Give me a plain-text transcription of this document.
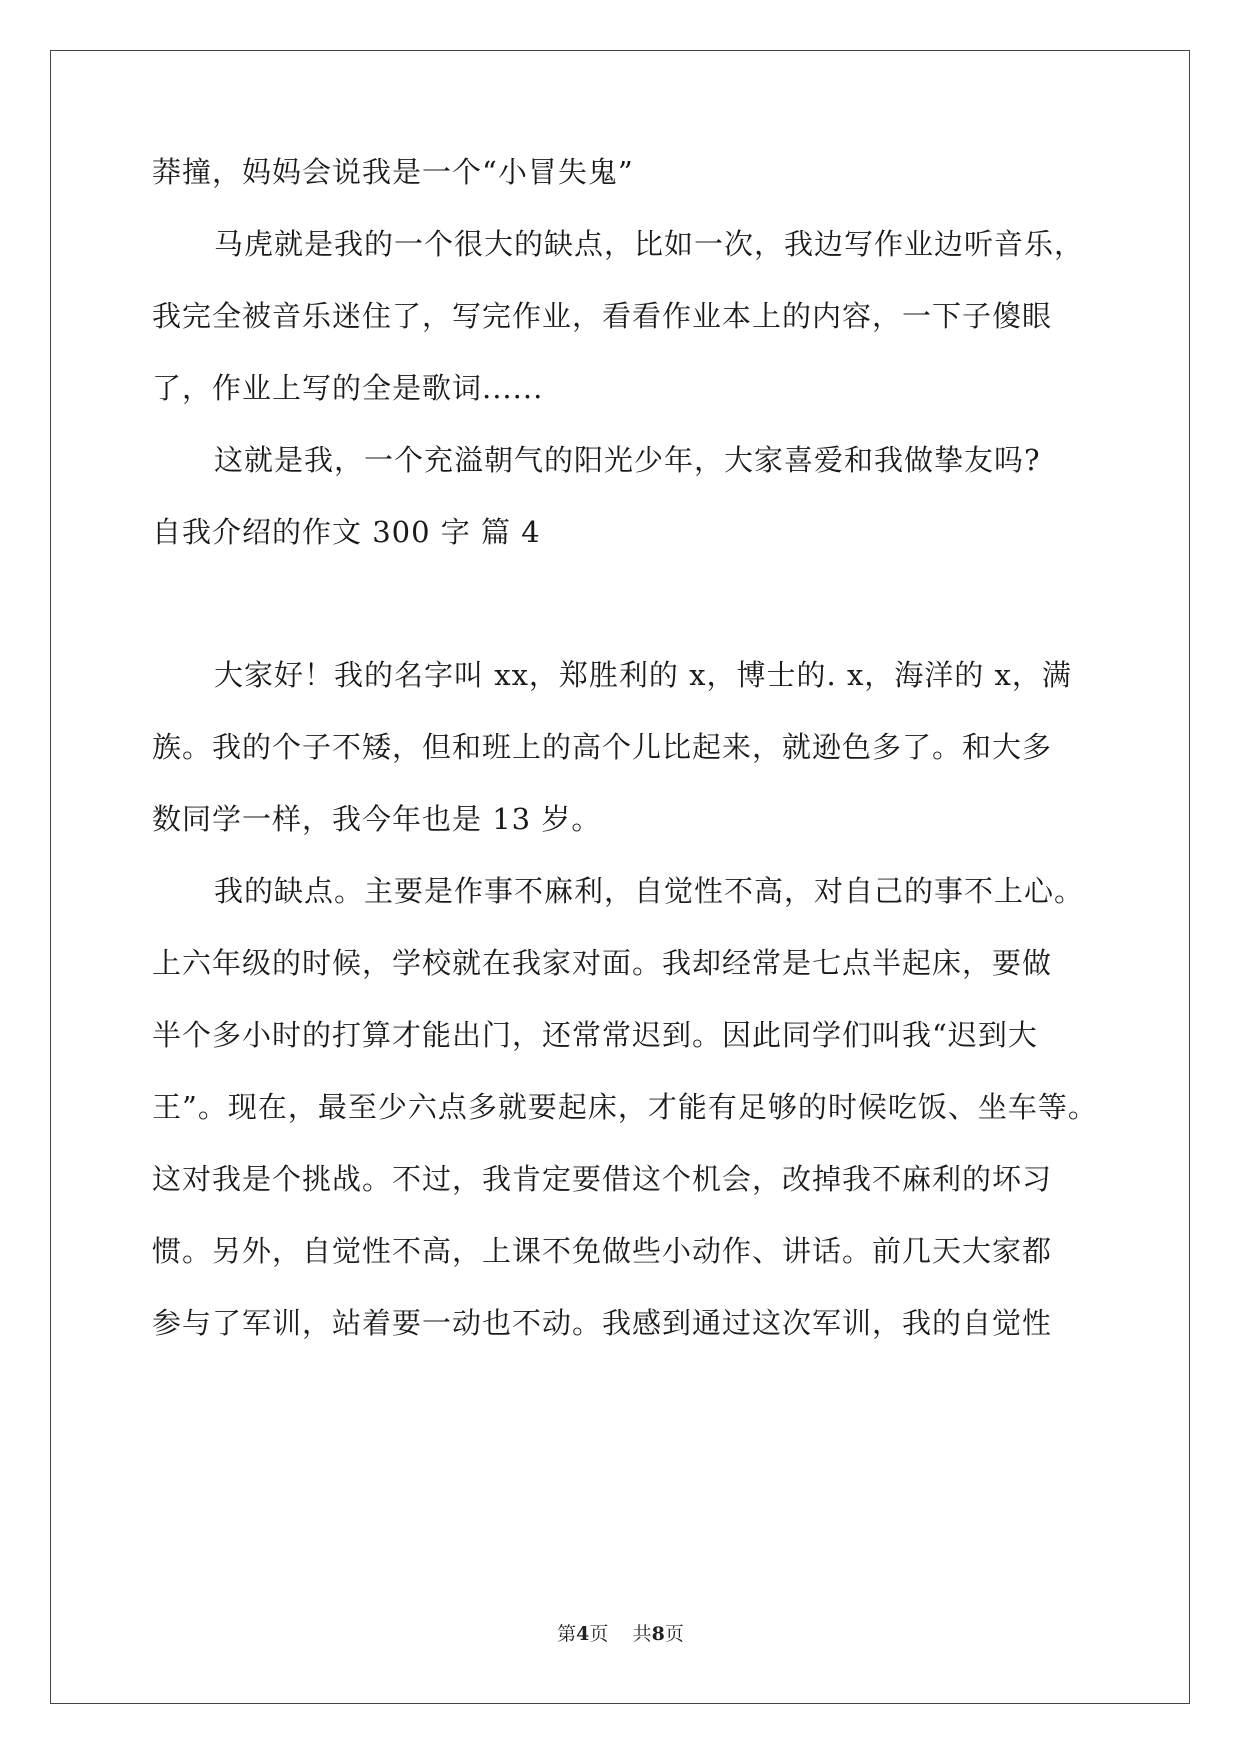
莽撞，妈妈会说我是一个“小冒失鬼”
马虎就是我的一个很大的缺点，比如一次，我边写作业边听音乐，
我完全被音乐迷住了，写完作业，看看作业本上的内容，一下子傻眼
了，作业上写的全是歌词......
这就是我，一个充溢朝气的阳光少年，大家喜爱和我做挚友吗?
自我介绍的作文 300 字 篇 4
大家好！我的名字叫 xx，郑胜利的 x，博士的. x，海洋的 x，满
族。我的个子不矮，但和班上的高个儿比起来，就逊色多了。和大多
数同学一样，我今年也是 13 岁。
我的缺点。主要是作事不麻利，自觉性不高，对自己的事不上心。
上六年级的时候，学校就在我家对面。我却经常是七点半起床，要做
半个多小时的打算才能出门，还常常迟到。因此同学们叫我“迟到大
王”。现在，最至少六点多就要起床，才能有足够的时候吃饭、坐车等。
这对我是个挑战。不过，我肯定要借这个机会，改掉我不麻利的坏习
惯。另外，自觉性不高，上课不免做些小动作、讲话。前几天大家都
参与了军训，站着要一动也不动。我感到通过这次军训，我的自觉性
第4页    共8页
